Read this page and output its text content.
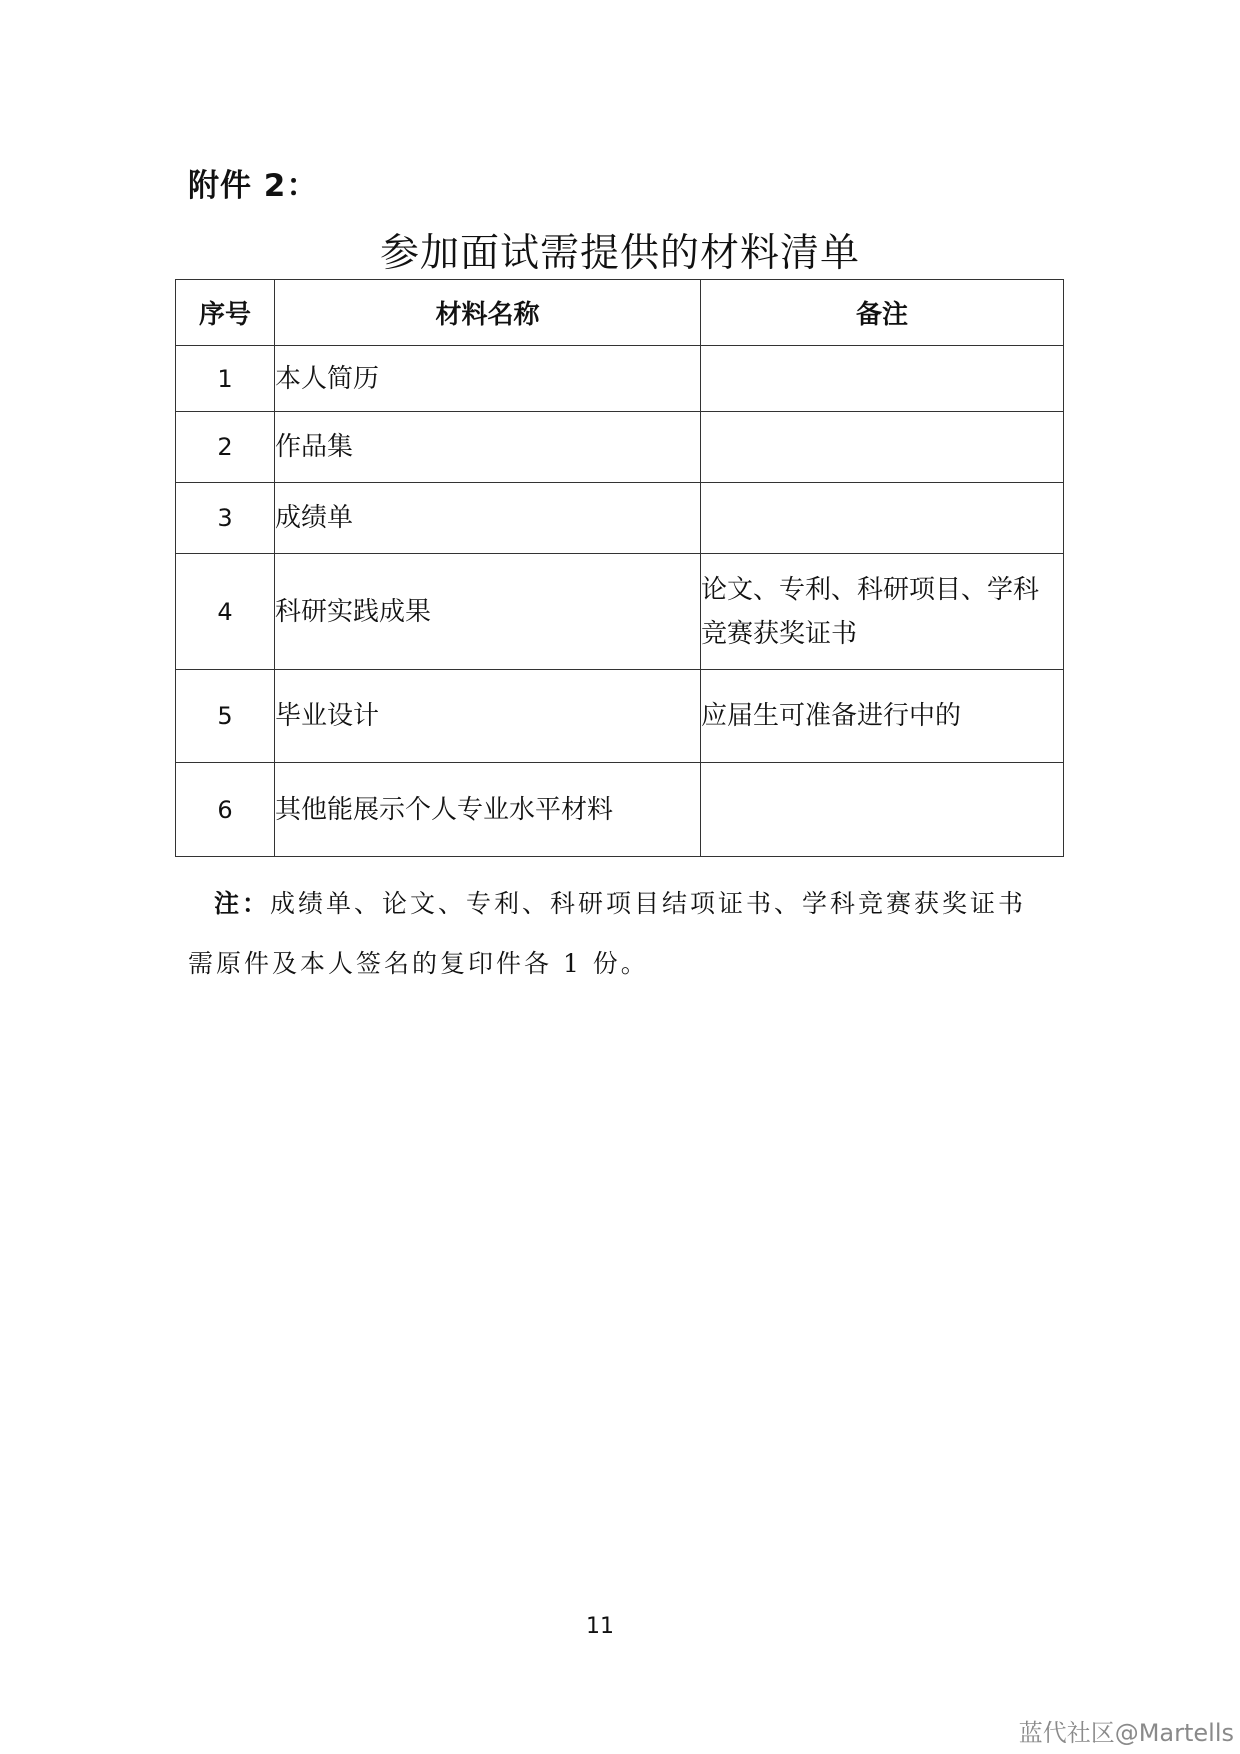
附件 2：
参加面试需提供的材料清单
序号	材料名称	备注
1	本人简历	
2	作品集	
3	成绩单	
4	科研实践成果	论文、专利、科研项目、学科竞赛获奖证书
5	毕业设计	应届生可准备进行中的
6	其他能展示个人专业水平材料	
注：成绩单、论文、专利、科研项目结项证书、学科竞赛获奖证书需原件及本人签名的复印件各 1 份。
11
蓝代社区@Martells
